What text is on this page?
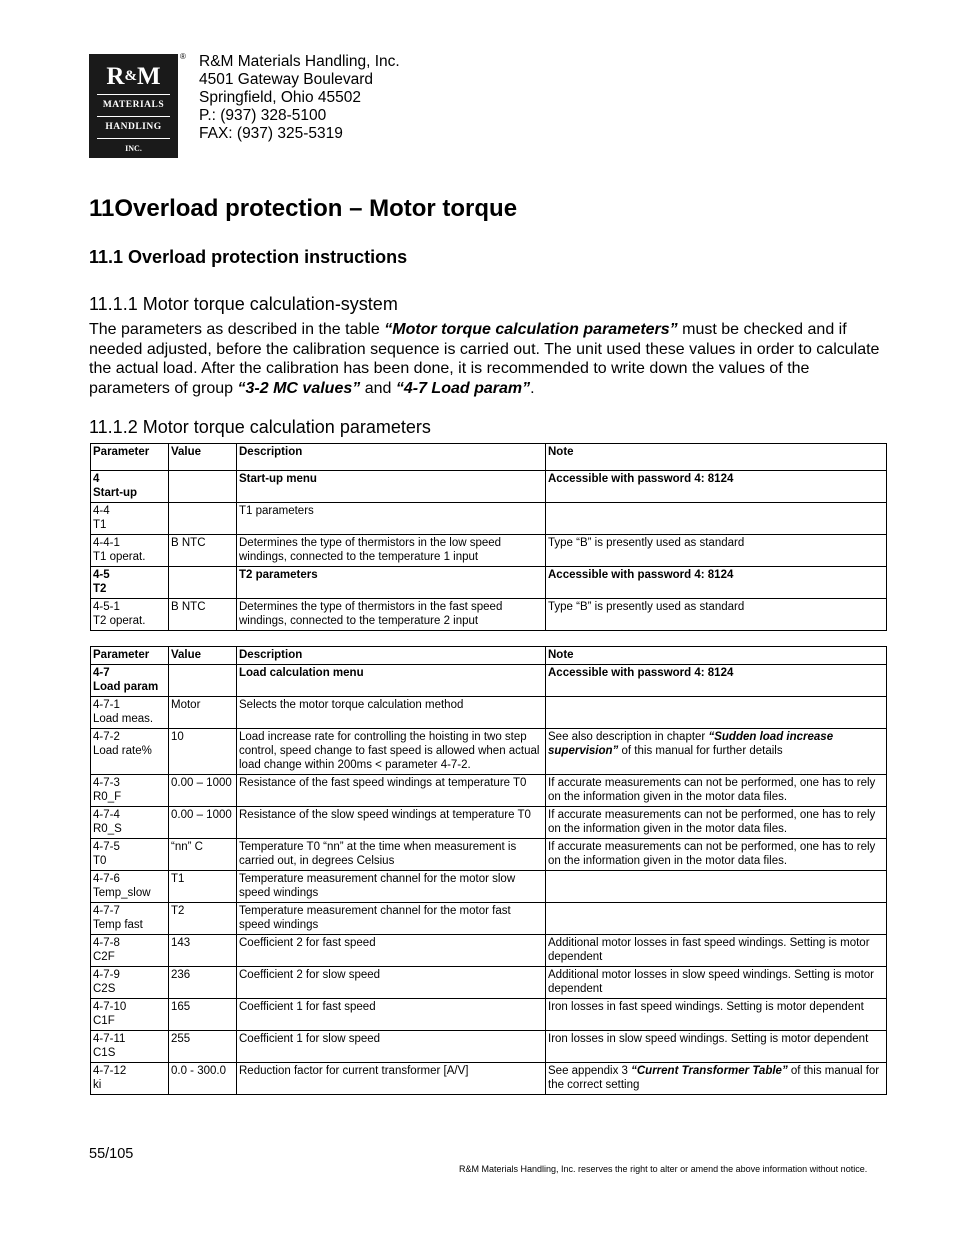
R&M
MATERIALS
HANDLING
INC.
® R&M Materials Handling, Inc.
4501 Gateway Boulevard
Springfield, Ohio 45502
P.: (937) 328-5100
FAX: (937) 325-5319
11Overload protection – Motor torque
11.1 Overload protection instructions
11.1.1 Motor torque calculation-system
The parameters as described in the table “Motor torque calculation parameters” must be checked and if needed adjusted, before the calibration sequence is carried out. The unit used these values in order to calculate the actual load. After the calibration has been done, it is recommended to write down the values of the parameters of group “3-2 MC values” and “4-7 Load param”.
11.1.2 Motor torque calculation parameters
Parameter	Value	Description	Note

4
Start-up		Start-up menu	Accessible with password 4: 8124

4-4
T1		T1 parameters	

4-4-1
T1 operat.	B NTC	Determines the type of thermistors in the low speed windings, connected to the temperature 1 input	Type “B” is presently used as standard

4-5
T2		T2 parameters	Accessible with password 4: 8124

4-5-1
T2 operat.	B NTC	Determines the type of thermistors in the fast speed windings, connected to the temperature 2 input	Type “B” is presently used as standard
Parameter	Value	Description	Note

4-7
Load param		Load calculation menu	Accessible with password 4: 8124

4-7-1
Load meas.	Motor	Selects the motor torque calculation method	

4-7-2
Load rate%	10	Load increase rate for controlling the hoisting in two step control, speed change to fast speed is allowed when actual load change within 200ms < parameter 4-7-2.	See also description in chapter “Sudden load increase supervision” of this manual for further details

4-7-3
R0_F	0.00 – 1000	Resistance of the fast speed windings at temperature T0	If accurate measurements can not be performed, one has to rely on the information given in the motor data files.

4-7-4
R0_S	0.00 – 1000	Resistance of the slow speed windings at temperature T0	If accurate measurements can not be performed, one has to rely on the information given in the motor data files.

4-7-5
T0	“nn” C	Temperature T0 “nn” at the time when measurement is carried out, in degrees Celsius	If accurate measurements can not be performed, one has to rely on the information given in the motor data files.

4-7-6
Temp_slow	T1	Temperature measurement channel for the motor slow speed windings	

4-7-7
Temp fast	T2	Temperature measurement channel for the motor fast speed windings	

4-7-8
C2F	143	Coefficient 2 for fast speed	Additional motor losses in fast speed windings. Setting is motor dependent

4-7-9
C2S	236	Coefficient 2 for slow speed	Additional motor losses in slow speed windings. Setting is motor dependent

4-7-10
C1F	165	Coefficient 1 for fast speed	Iron losses in fast speed windings. Setting is motor dependent

4-7-11
C1S	255	Coefficient 1 for slow speed	Iron losses in slow speed windings. Setting is motor dependent

4-7-12
ki	0.0 - 300.0	Reduction factor for current transformer [A/V]	See appendix 3 “Current Transformer Table” of this manual for the correct setting
55/105
R&M Materials Handling, Inc. reserves the right to alter or amend the above information without notice.
